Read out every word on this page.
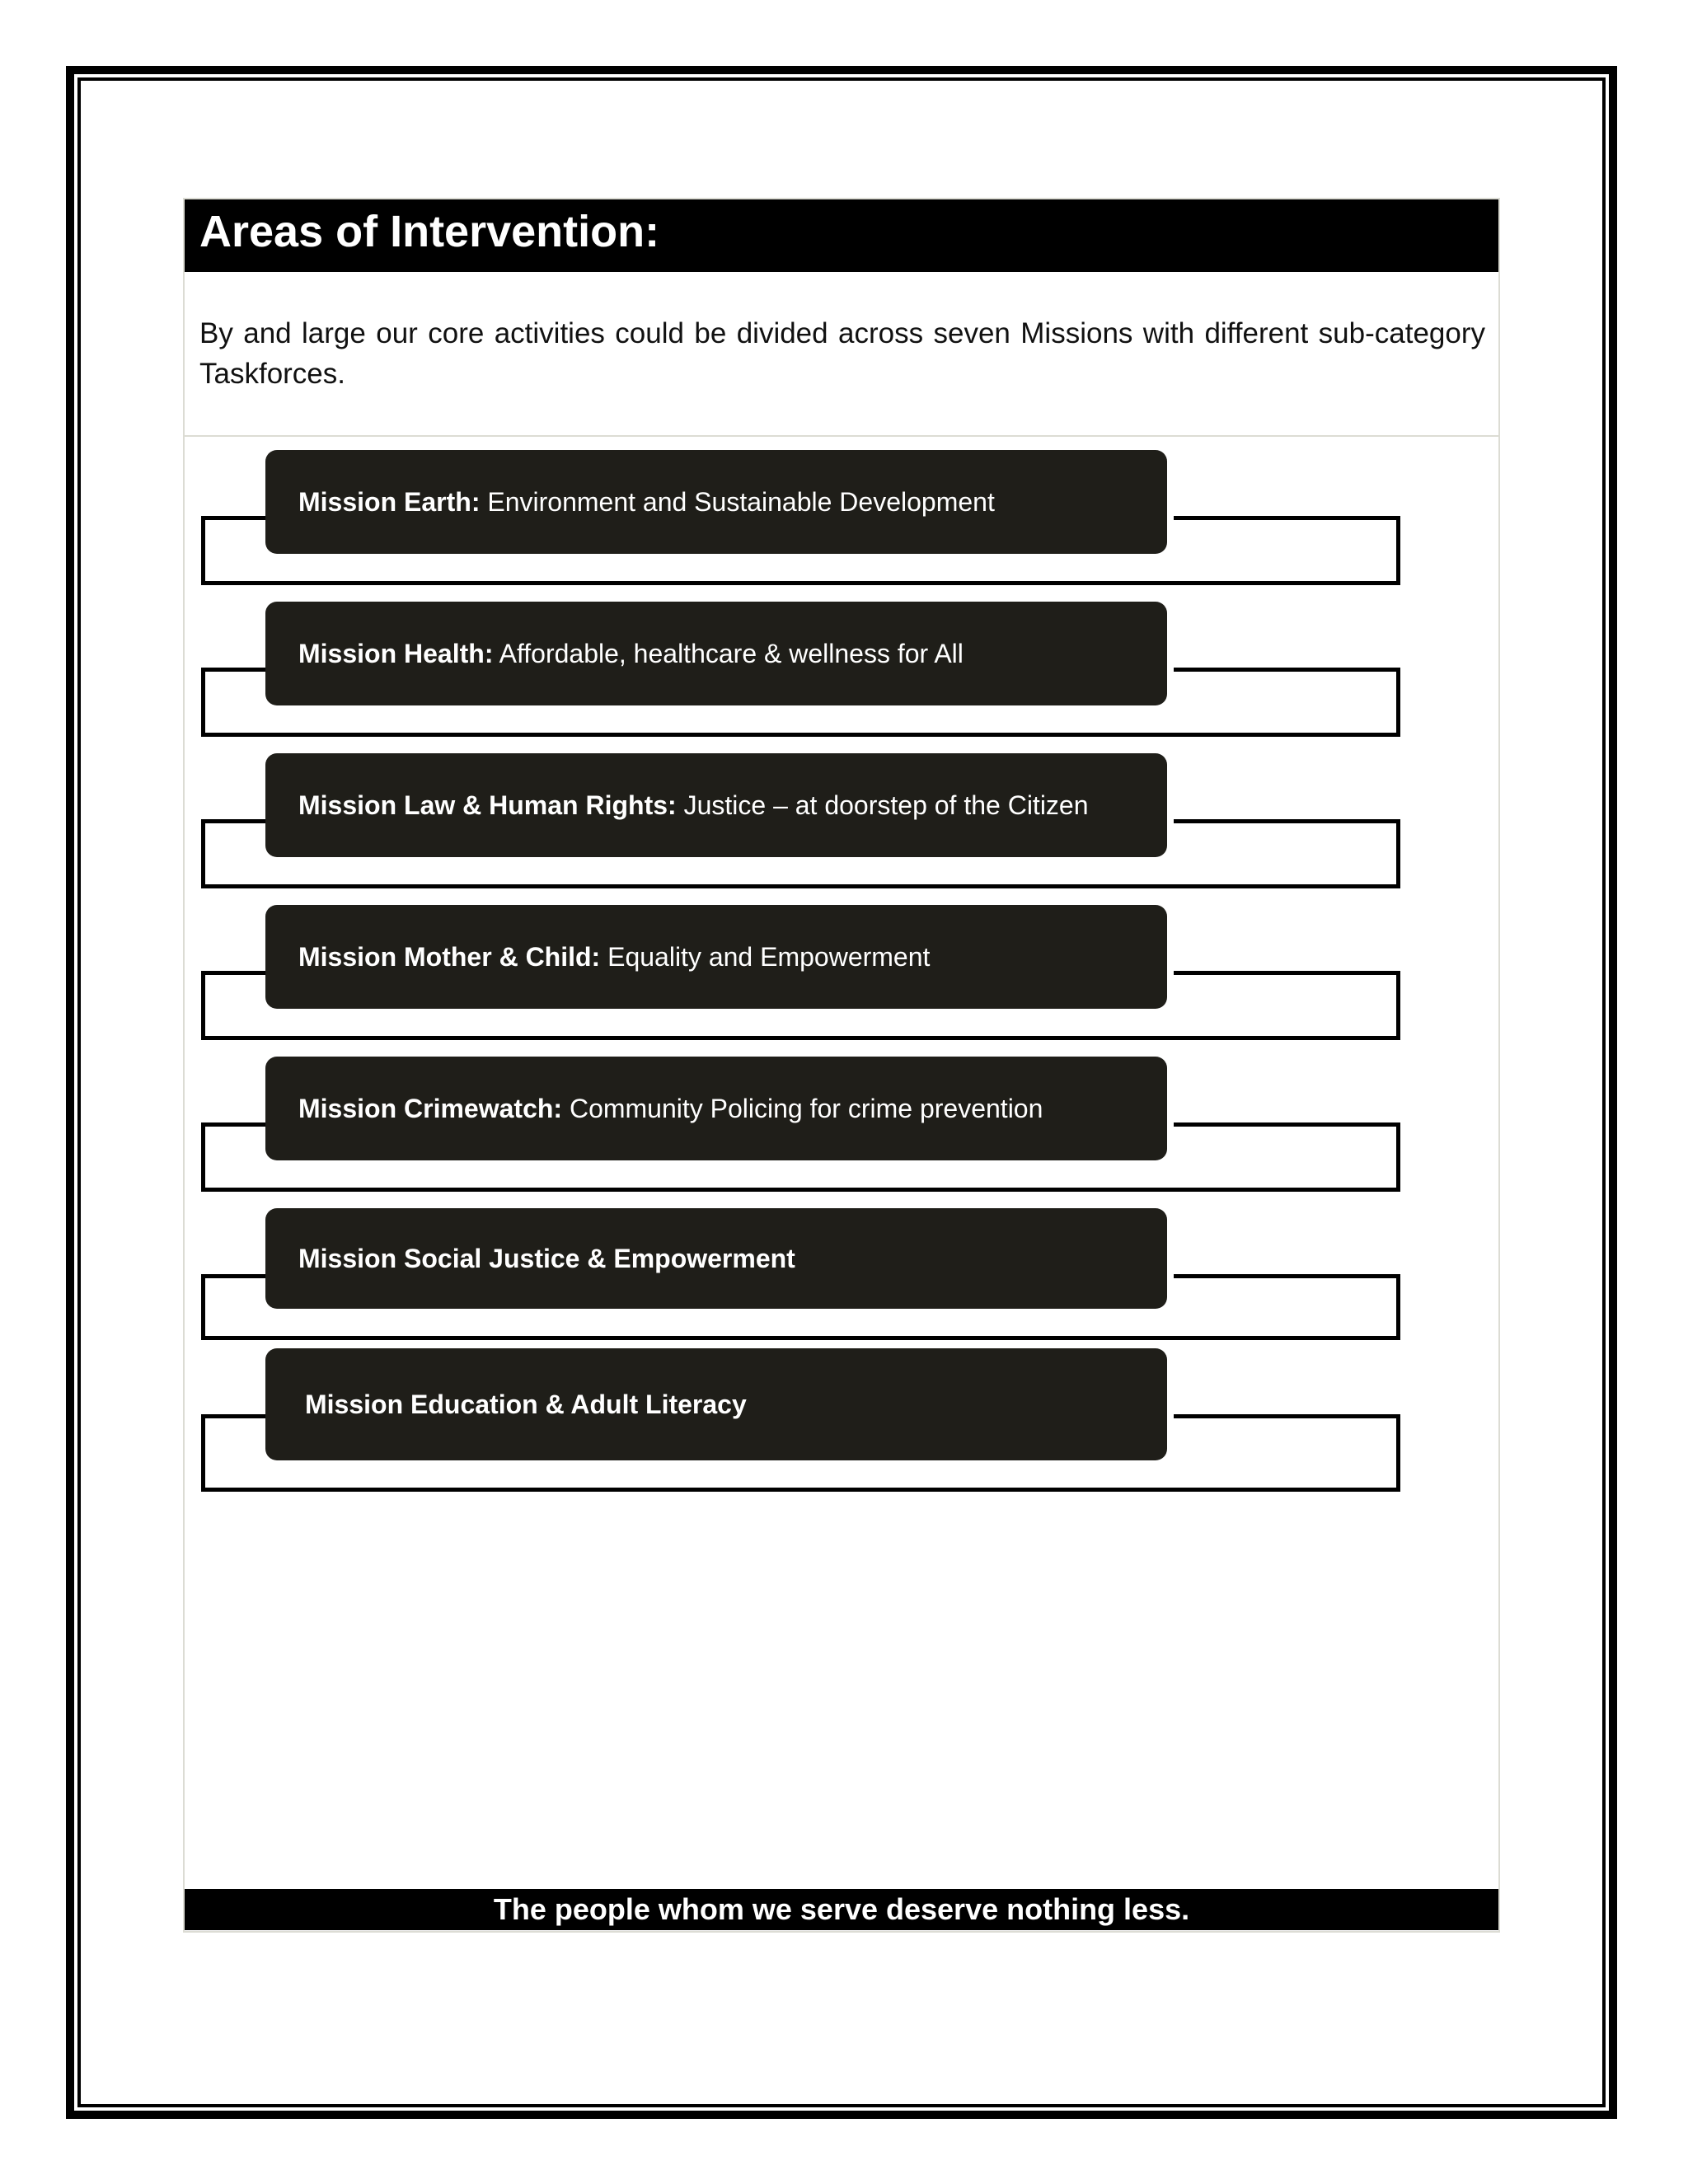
Areas of Intervention:
By and large our core activities could be divided across seven Missions with different sub-category Taskforces.
Mission Earth: Environment and Sustainable Development
Mission Health: Affordable, healthcare & wellness for All
Mission Law & Human Rights: Justice – at doorstep of the Citizen
Mission Mother & Child: Equality and Empowerment
Mission Crimewatch: Community Policing for crime prevention
Mission Social Justice & Empowerment
Mission Education & Adult Literacy
The people whom we serve deserve nothing less.
